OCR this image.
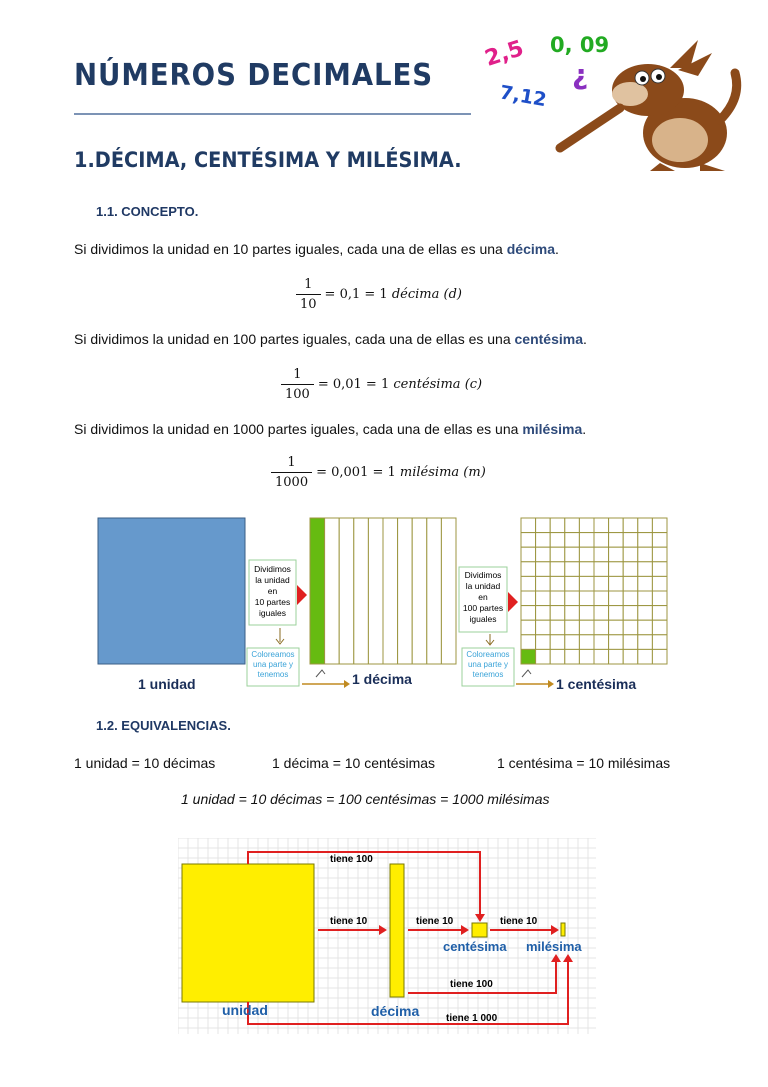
NÚMEROS DECIMALES
2,5 0, 09
¿
7,12
1.DÉCIMA, CENTÉSIMA Y MILÉSIMA.
1.1. CONCEPTO.
Si dividimos la unidad en 10 partes iguales, cada una de ellas es una décima.
$\frac{1}{10} = 0,1 = 1$
décima
(d)
Si dividimos la unidad en 100 partes iguales, cada una de ellas es una centésima.
$\frac{1}{100} = 0,01 = 1$
centésima
(c)
Si dividimos la unidad en 1000 partes iguales, cada una de ellas es una milésima.
$\frac{1}{1000} = 0,001 = 1$
milésima
(m)
Dividimos la unidad en 10 partes iguales
Coloreamos una parte y tenemos
Dividimos la unidad en 100 partes iguales
Coloreamos una parte y tenemos
1 unidad	1 décima	1 centésima
1.2. EQUIVALENCIAS.
1 unidad = 10 décimas	1 décima = 10 centésimas	1 centésima = 10 milésimas
1 unidad = 10 décimas = 100 centésimas = 1000 milésimas
tiene 100
tiene 10	tiene 10	tiene 10
centésima milésima
tiene 100
tiene 1 000
unidad	décima
